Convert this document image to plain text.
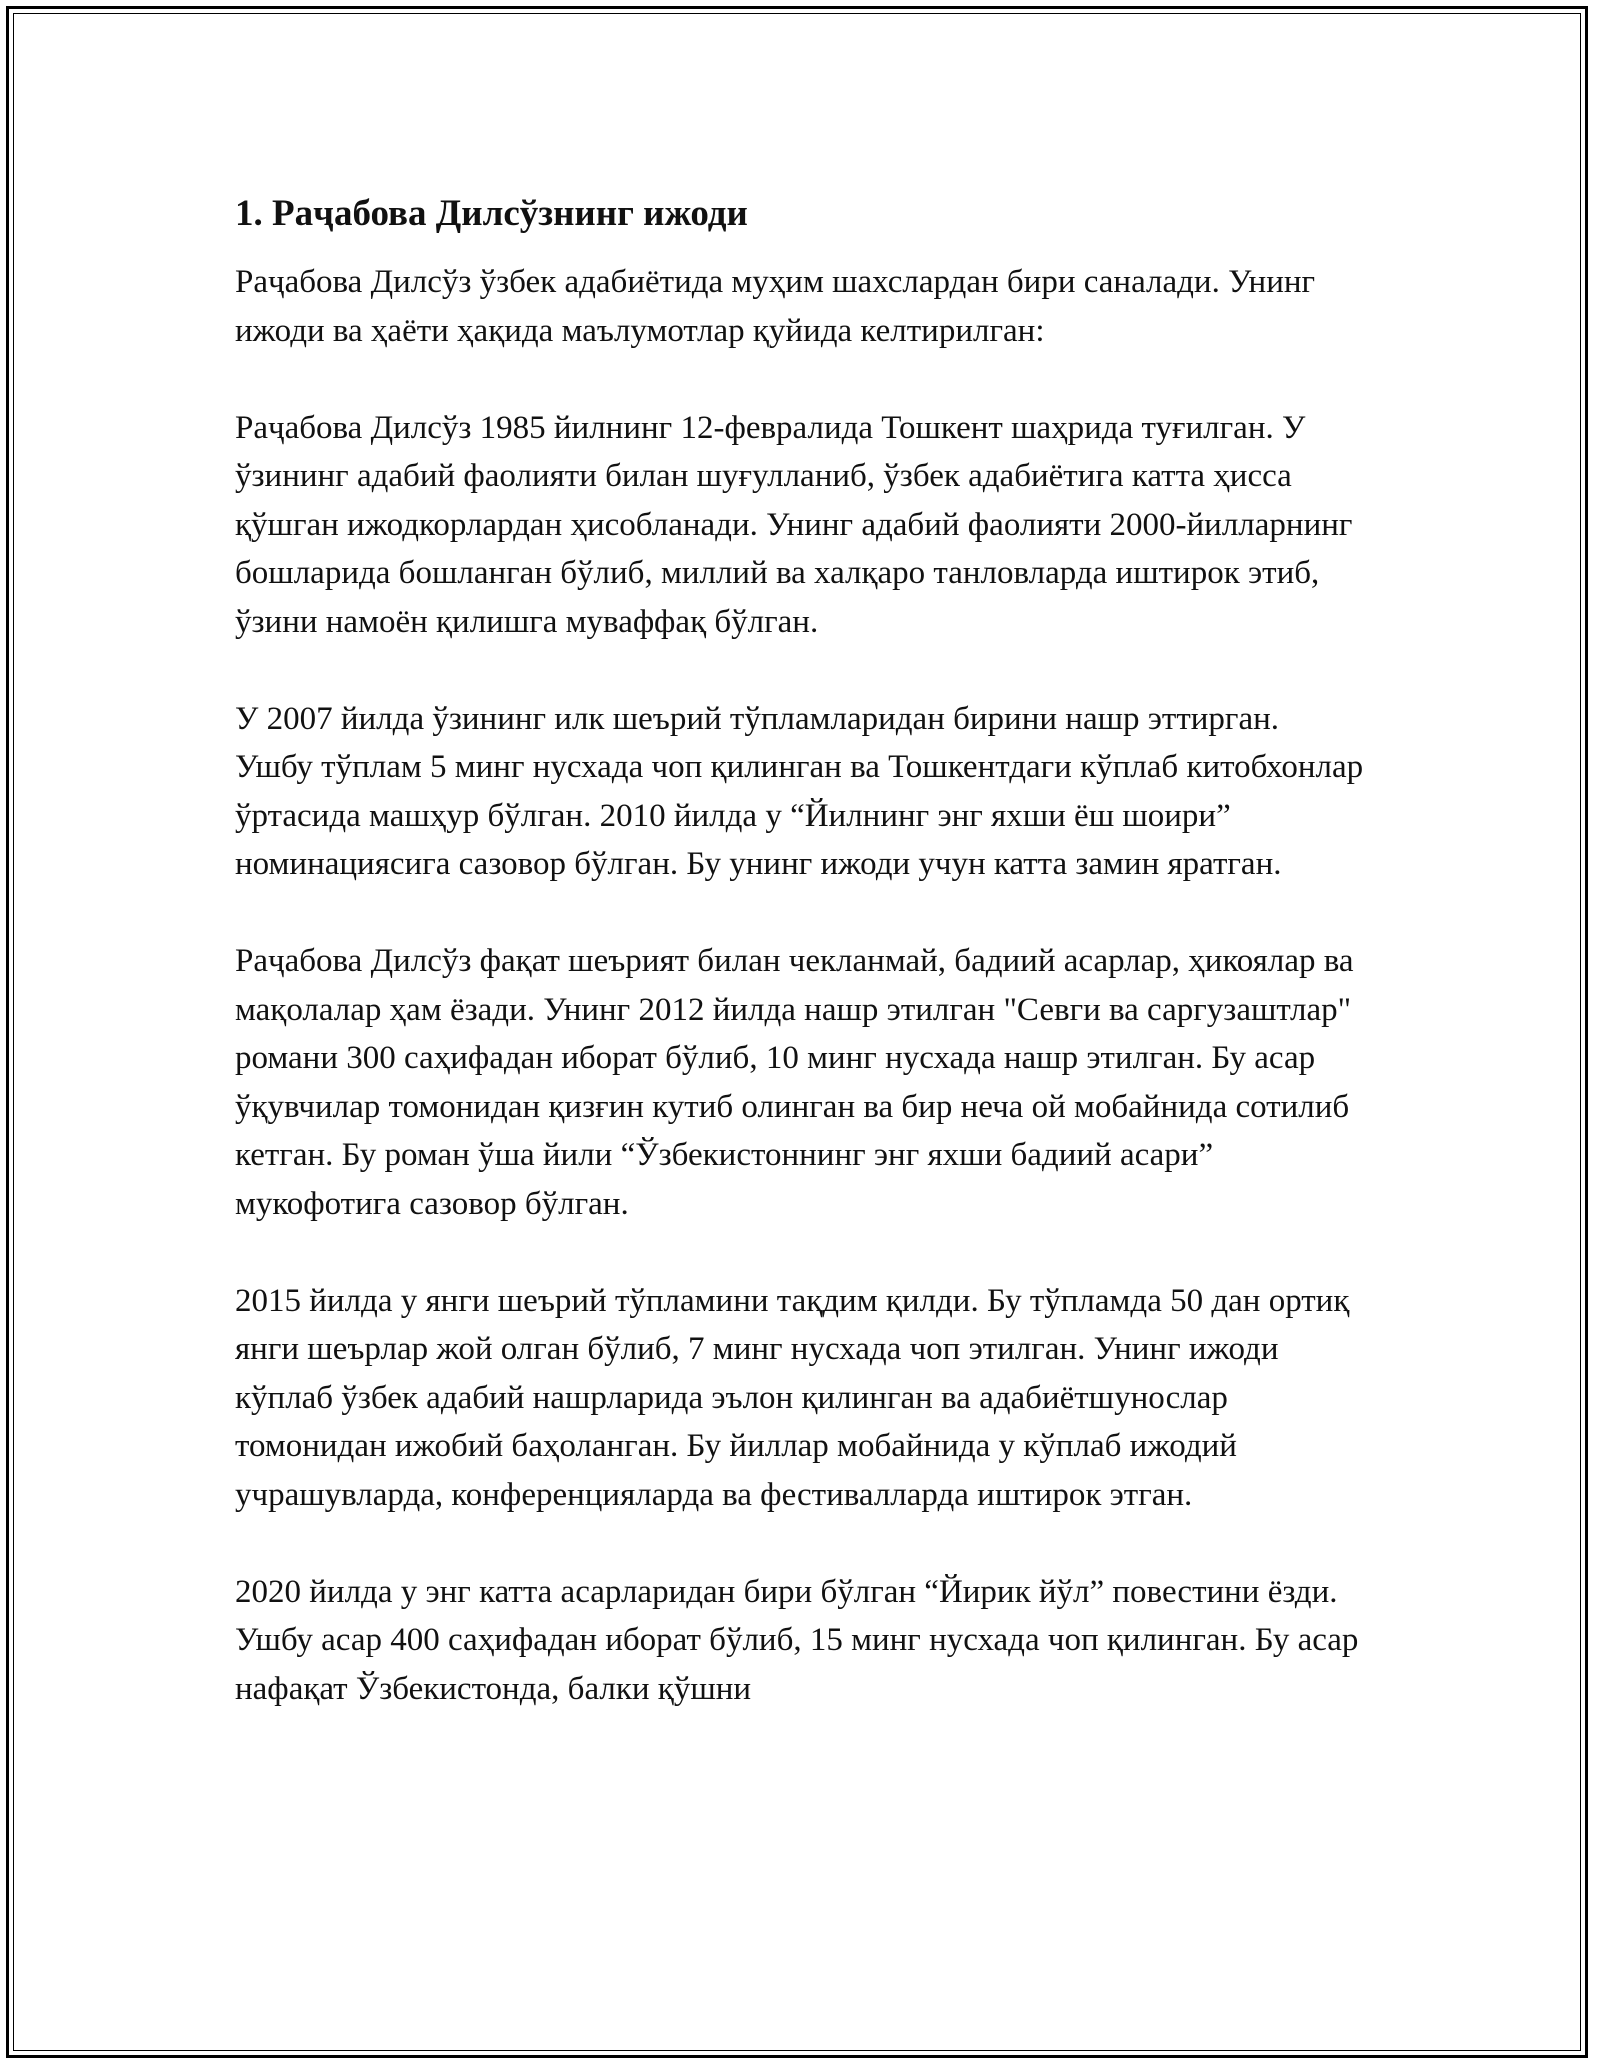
1. Раҷабова Дилсўзнинг ижоди

Раҷабова Дилсўз ўзбек адабиётида муҳим шахслардан бири саналади. Унинг ижоди ва ҳаёти ҳақида маълумотлар қуйида келтирилган:

Раҷабова Дилсўз 1985 йилнинг 12-февралида Тошкент шаҳрида туғилган. У ўзининг адабий фаолияти билан шуғулланиб, ўзбек адабиётига катта ҳисса қўшган ижодкорлардан ҳисобланади. Унинг адабий фаолияти 2000-йилларнинг бошларида бошланган бўлиб, миллий ва халқаро танловларда иштирок этиб, ўзини намоён қилишга муваффақ бўлган.

У 2007 йилда ўзининг илк шеърий тўпламларидан бирини нашр эттирган. Ушбу тўплам 5 минг нусхада чоп қилинган ва Тошкентдаги кўплаб китобхонлар ўртасида машҳур бўлган. 2010 йилда у “Йилнинг энг яхши ёш шоири” номинациясига сазовор бўлган. Бу унинг ижоди учун катта замин яратган.

Раҷабова Дилсўз фақат шеърият билан чекланмай, бадиий асарлар, ҳикоялар ва мақолалар ҳам ёзади. Унинг 2012 йилда нашр этилган "Севги ва саргузаштлар" романи 300 саҳифадан иборат бўлиб, 10 минг нусхада нашр этилган. Бу асар ўқувчилар томонидан қизғин кутиб олинган ва бир неча ой мобайнида сотилиб кетган. Бу роман ўша йили “Ўзбекистоннинг энг яхши бадиий асари” мукофотига сазовор бўлган.

2015 йилда у янги шеърий тўпламини тақдим қилди. Бу тўпламда 50 дан ортиқ янги шеърлар жой олган бўлиб, 7 минг нусхада чоп этилган. Унинг ижоди кўплаб ўзбек адабий нашрларида эълон қилинган ва адабиётшунослар томонидан ижобий баҳоланган. Бу йиллар мобайнида у кўплаб ижодий учрашувларда, конференцияларда ва фестивалларда иштирок этган.

2020 йилда у энг катта асарларидан бири бўлган “Йирик йўл” повестини ёзди. Ушбу асар 400 саҳифадан иборат бўлиб, 15 минг нусхада чоп қилинган. Бу асар нафақат Ўзбекистонда, балки қўшни
